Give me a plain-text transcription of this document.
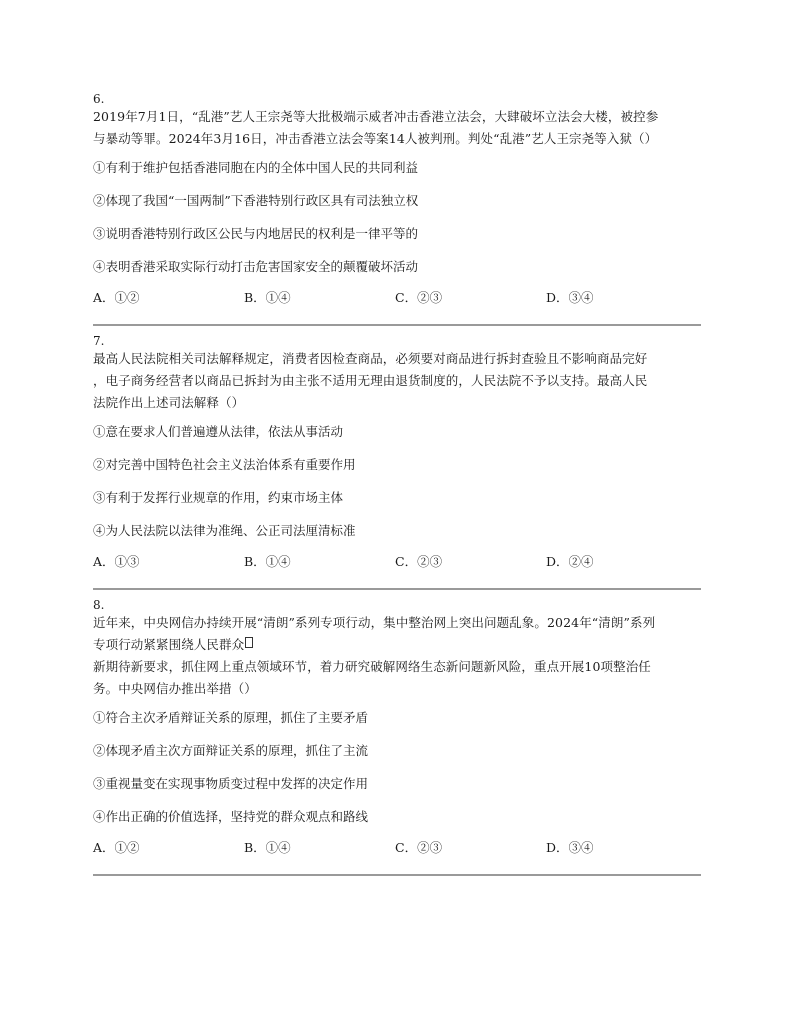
6.

2019年7月1日，“乱港”艺人王宗尧等大批极端示威者冲击香港立法会，大肆破坏立法会大楼，被控参
与暴动等罪。2024年3月16日，冲击香港立法会等案14人被判刑。判处“乱港”艺人王宗尧等入狱（）

①有利于维护包括香港同胞在内的全体中国人民的共同利益
②体现了我国“一国两制”下香港特别行政区具有司法独立权
③说明香港特别行政区公民与内地居民的权利是一律平等的
④表明香港采取实际行动打击危害国家安全的颠覆破坏活动
A．①②	B．①④	C．②③	D．③④
7.

最高人民法院相关司法解释规定，消费者因检查商品，必须要对商品进行拆封查验且不影响商品完好
，电子商务经营者以商品已拆封为由主张不适用无理由退货制度的，人民法院不予以支持。最高人民
法院作出上述司法解释（）

①意在要求人们普遍遵从法律，依法从事活动
②对完善中国特色社会主义法治体系有重要作用
③有利于发挥行业规章的作用，约束市场主体
④为人民法院以法律为准绳、公正司法厘清标准
A．①③	B．①④	C．②③	D．②④
8.

近年来，中央网信办持续开展“清朗”系列专项行动，集中整治网上突出问题乱象。2024年“清朗”系列
专项行动紧紧围绕人民群众
新期待新要求，抓住网上重点领域环节，着力研究破解网络生态新问题新风险，重点开展10项整治任
务。中央网信办推出举措（）

①符合主次矛盾辩证关系的原理，抓住了主要矛盾
②体现矛盾主次方面辩证关系的原理，抓住了主流
③重视量变在实现事物质变过程中发挥的决定作用
④作出正确的价值选择，坚持党的群众观点和路线
A．①②	B．①④	C．②③	D．③④
